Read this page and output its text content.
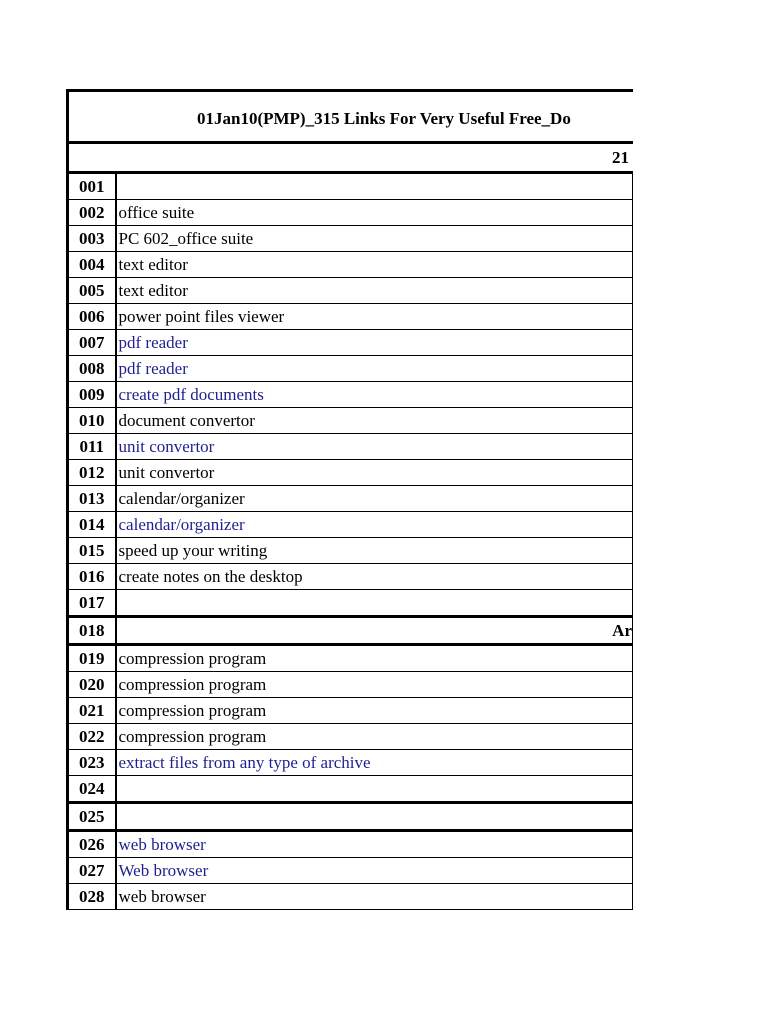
01Jan10(PMP)_315 Links For Very Useful Free_Do
21
001	
002	office suite
003	PC 602_office suite
004	text editor
005	text editor
006	power point files viewer
007	pdf reader
008	pdf reader
009	create pdf documents
010	document convertor
011	unit convertor
012	unit convertor
013	calendar/organizer
014	calendar/organizer
015	speed up your writing
016	create notes on the desktop
017	
018	Ar
019	compression program
020	compression program
021	compression program
022	compression program
023	extract files from any type of archive
024	
025	
026	web browser
027	Web browser
028	web browser
